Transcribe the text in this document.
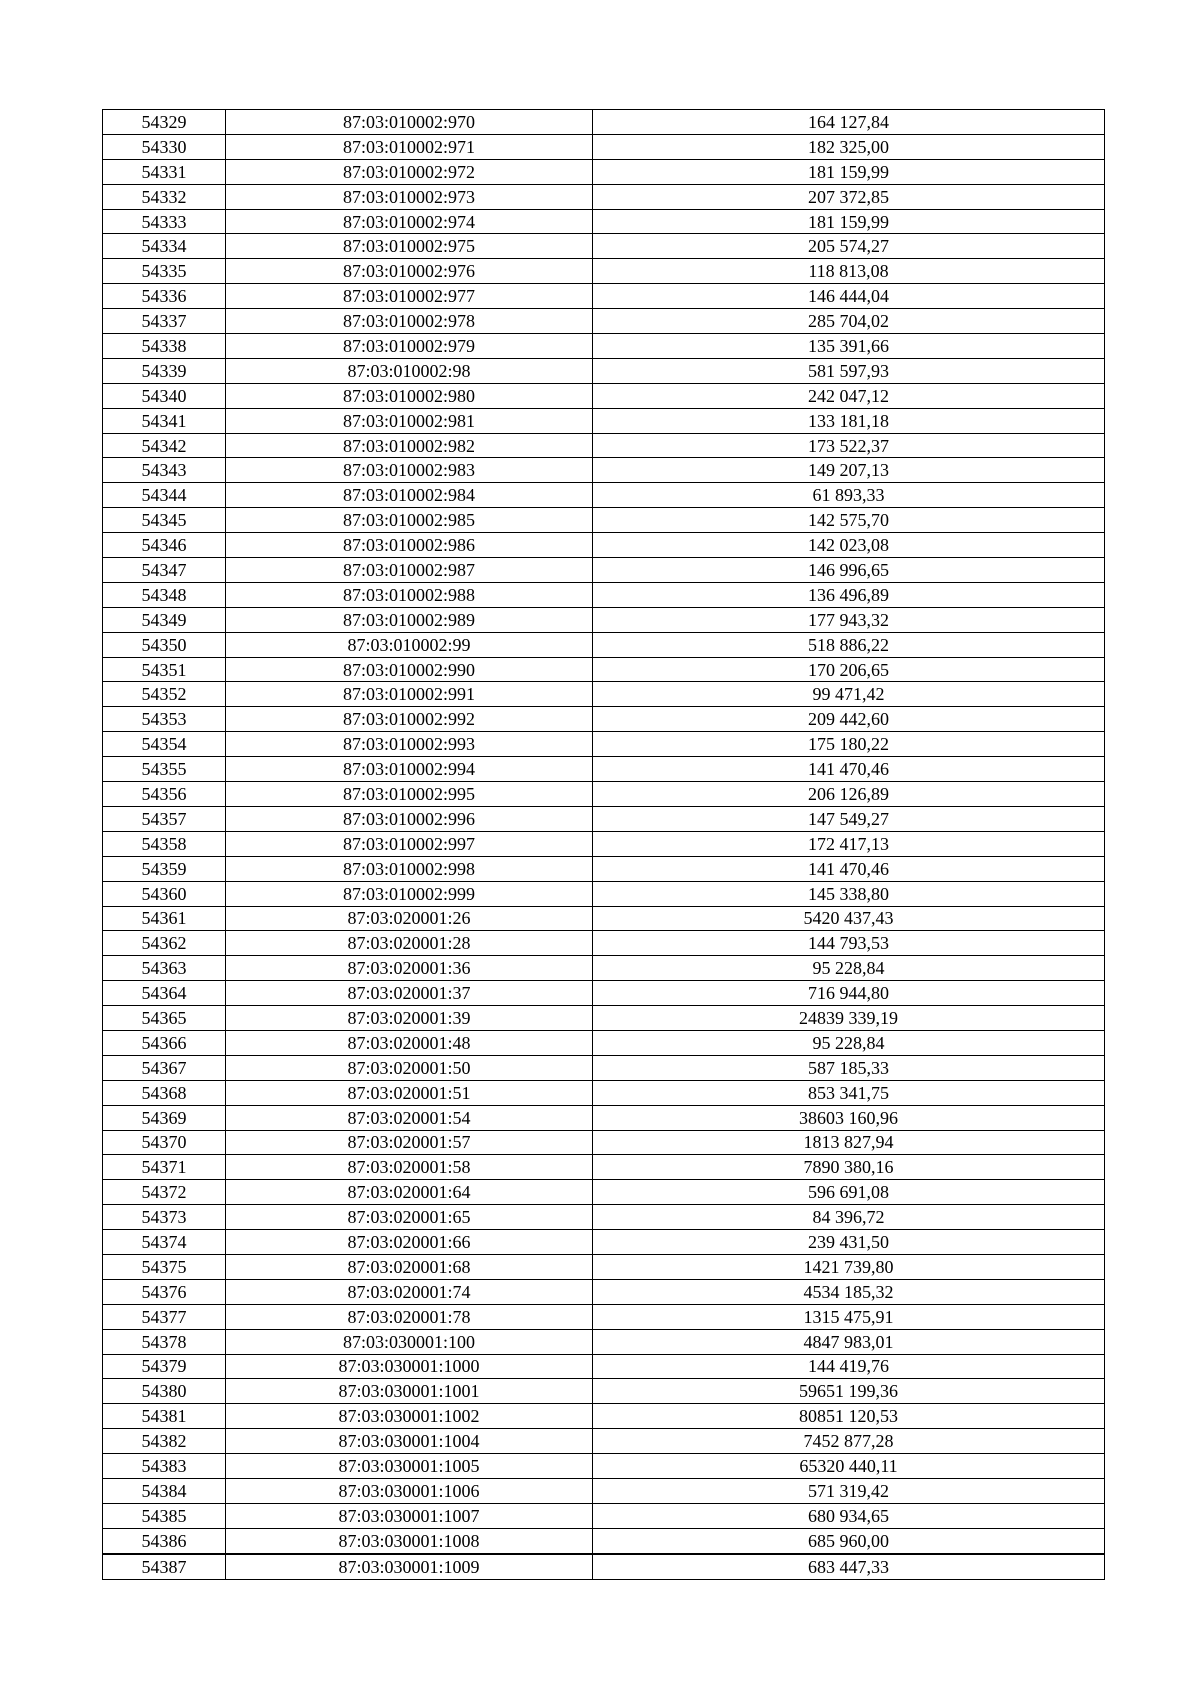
54329	87:03:010002:970	164 127,84
54330	87:03:010002:971	182 325,00
54331	87:03:010002:972	181 159,99
54332	87:03:010002:973	207 372,85
54333	87:03:010002:974	181 159,99
54334	87:03:010002:975	205 574,27
54335	87:03:010002:976	118 813,08
54336	87:03:010002:977	146 444,04
54337	87:03:010002:978	285 704,02
54338	87:03:010002:979	135 391,66
54339	87:03:010002:98	581 597,93
54340	87:03:010002:980	242 047,12
54341	87:03:010002:981	133 181,18
54342	87:03:010002:982	173 522,37
54343	87:03:010002:983	149 207,13
54344	87:03:010002:984	61 893,33
54345	87:03:010002:985	142 575,70
54346	87:03:010002:986	142 023,08
54347	87:03:010002:987	146 996,65
54348	87:03:010002:988	136 496,89
54349	87:03:010002:989	177 943,32
54350	87:03:010002:99	518 886,22
54351	87:03:010002:990	170 206,65
54352	87:03:010002:991	99 471,42
54353	87:03:010002:992	209 442,60
54354	87:03:010002:993	175 180,22
54355	87:03:010002:994	141 470,46
54356	87:03:010002:995	206 126,89
54357	87:03:010002:996	147 549,27
54358	87:03:010002:997	172 417,13
54359	87:03:010002:998	141 470,46
54360	87:03:010002:999	145 338,80
54361	87:03:020001:26	5420 437,43
54362	87:03:020001:28	144 793,53
54363	87:03:020001:36	95 228,84
54364	87:03:020001:37	716 944,80
54365	87:03:020001:39	24839 339,19
54366	87:03:020001:48	95 228,84
54367	87:03:020001:50	587 185,33
54368	87:03:020001:51	853 341,75
54369	87:03:020001:54	38603 160,96
54370	87:03:020001:57	1813 827,94
54371	87:03:020001:58	7890 380,16
54372	87:03:020001:64	596 691,08
54373	87:03:020001:65	84 396,72
54374	87:03:020001:66	239 431,50
54375	87:03:020001:68	1421 739,80
54376	87:03:020001:74	4534 185,32
54377	87:03:020001:78	1315 475,91
54378	87:03:030001:100	4847 983,01
54379	87:03:030001:1000	144 419,76
54380	87:03:030001:1001	59651 199,36
54381	87:03:030001:1002	80851 120,53
54382	87:03:030001:1004	7452 877,28
54383	87:03:030001:1005	65320 440,11
54384	87:03:030001:1006	571 319,42
54385	87:03:030001:1007	680 934,65
54386	87:03:030001:1008	685 960,00
54387	87:03:030001:1009	683 447,33
